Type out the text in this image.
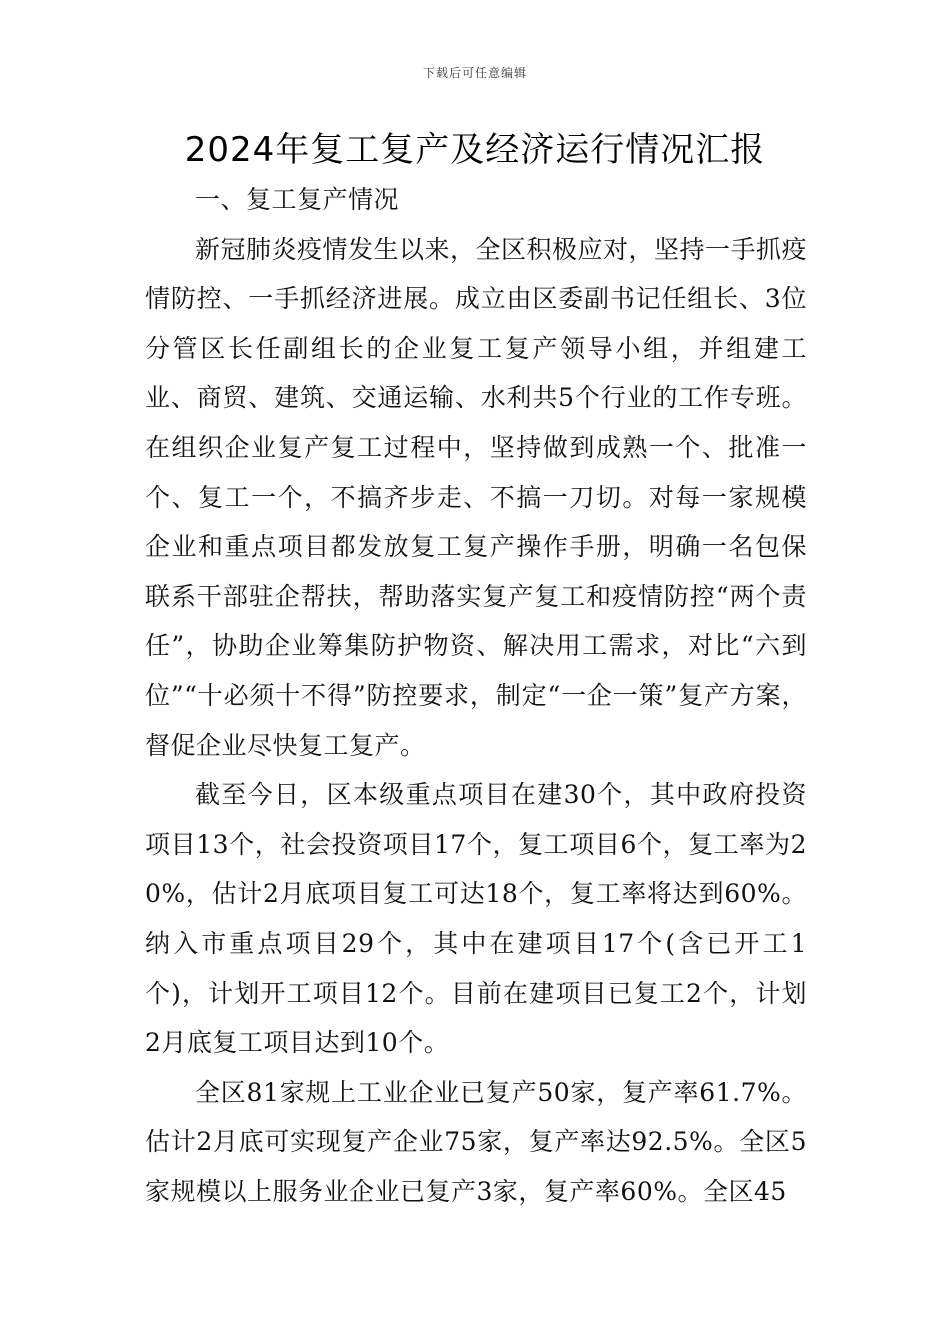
下载后可任意编辑
2024年复工复产及经济运行情况汇报
一、复工复产情况

新冠肺炎疫情发生以来，全区积极应对，坚持一手抓疫情防控、一手抓经济进展。成立由区委副书记任组长、3位分管区长任副组长的企业复工复产领导小组，并组建工业、商贸、建筑、交通运输、水利共5个行业的工作专班。在组织企业复产复工过程中，坚持做到成熟一个、批准一个、复工一个，不搞齐步走、不搞一刀切。对每一家规模企业和重点项目都发放复工复产操作手册，明确一名包保联系干部驻企帮扶，帮助落实复产复工和疫情防控“两个责任”，协助企业筹集防护物资、解决用工需求，对比“六到位”“十必须十不得”防控要求，制定“一企一策”复产方案，督促企业尽快复工复产。

截至今日，区本级重点项目在建30个，其中政府投资项目13个，社会投资项目17个，复工项目6个，复工率为20%，估计2月底项目复工可达18个，复工率将达到60%。纳入市重点项目29个，其中在建项目17个(含已开工1个)，计划开工项目12个。目前在建项目已复工2个，计划2月底复工项目达到10个。

全区81家规上工业企业已复产50家，复产率61.7%。估计2月底可实现复产企业75家，复产率达92.5%。全区5家规模以上服务业企业已复产3家，复产率60%。全区45
